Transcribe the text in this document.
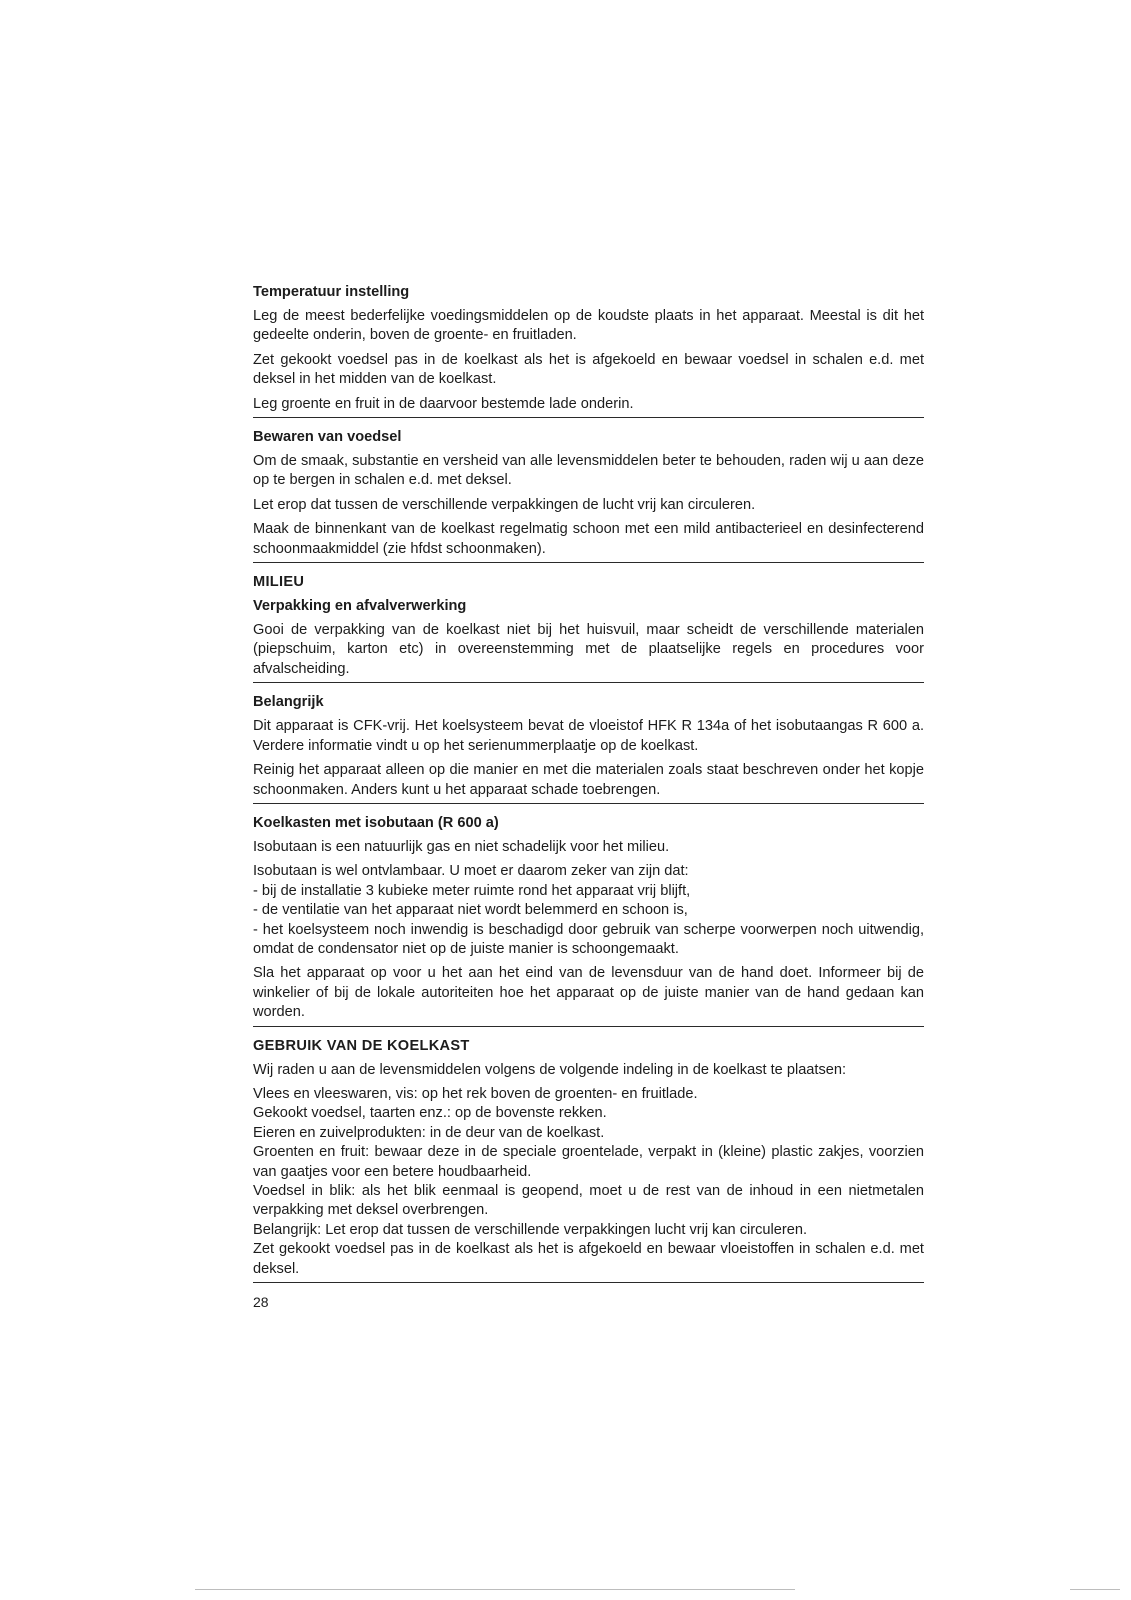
Temperatuur instelling

Leg de meest bederfelijke voedingsmiddelen op de koudste plaats in het apparaat. Meestal is dit het gedeelte onderin, boven de groente- en fruitladen.

Zet gekookt voedsel pas in de koelkast als het is afgekoeld en bewaar voedsel in schalen e.d. met deksel in het midden van de koelkast.

Leg groente en fruit in de daarvoor bestemde lade onderin.

Bewaren van voedsel

Om de smaak, substantie en versheid van alle levensmiddelen beter te behouden, raden wij u aan deze op te bergen in schalen e.d. met deksel.

Let erop dat tussen de verschillende verpakkingen de lucht vrij kan circuleren.

Maak de binnenkant van de koelkast regelmatig schoon met een mild antibacterieel en desinfecterend schoonmaakmiddel (zie hfdst schoonmaken).

MILIEU
Verpakking en afvalverwerking

Gooi de verpakking van de koelkast niet bij het huisvuil, maar scheidt de verschillende materialen (piepschuim, karton etc) in overeenstemming met de plaatselijke regels en procedures voor afvalscheiding.

Belangrijk

Dit apparaat is CFK-vrij. Het koelsysteem bevat de vloeistof HFK R 134a of het isobutaangas R 600 a. Verdere informatie vindt u op het serienummerplaatje op de koelkast.

Reinig het apparaat alleen op die manier en met die materialen zoals staat beschreven onder het kopje schoonmaken. Anders kunt u het apparaat schade toebrengen.

Koelkasten met isobutaan (R 600 a)

Isobutaan is een natuurlijk gas en niet schadelijk voor het milieu.

Isobutaan is wel ontvlambaar. U moet er daarom zeker van zijn dat:
- bij de installatie 3 kubieke meter ruimte rond het apparaat vrij blijft,
- de ventilatie van het apparaat niet wordt belemmerd en schoon is,
- het koelsysteem noch inwendig is beschadigd door gebruik van scherpe voorwerpen noch uitwendig, omdat de condensator niet op de juiste manier is schoongemaakt.

Sla het apparaat op voor u het aan het eind van de levensduur van de hand doet. Informeer bij de winkelier of bij de lokale autoriteiten hoe het apparaat op de juiste manier van de hand gedaan kan worden.

GEBRUIK VAN DE KOELKAST

Wij raden u aan de levensmiddelen volgens de volgende indeling in de koelkast te plaatsen:

Vlees en vleeswaren, vis: op het rek boven de groenten- en fruitlade.
Gekookt voedsel, taarten enz.: op de bovenste rekken.
Eieren en zuivelprodukten: in de deur van de koelkast.
Groenten en fruit: bewaar deze in de speciale groentelade, verpakt in (kleine) plastic zakjes, voorzien van gaatjes voor een betere houdbaarheid.
Voedsel in blik: als het blik eenmaal is geopend, moet u de rest van de inhoud in een nietmetalen verpakking met deksel overbrengen.
Belangrijk: Let erop dat tussen de verschillende verpakkingen lucht vrij kan circuleren.
Zet gekookt voedsel pas in de koelkast als het is afgekoeld en bewaar vloeistoffen in schalen e.d. met deksel.
28
